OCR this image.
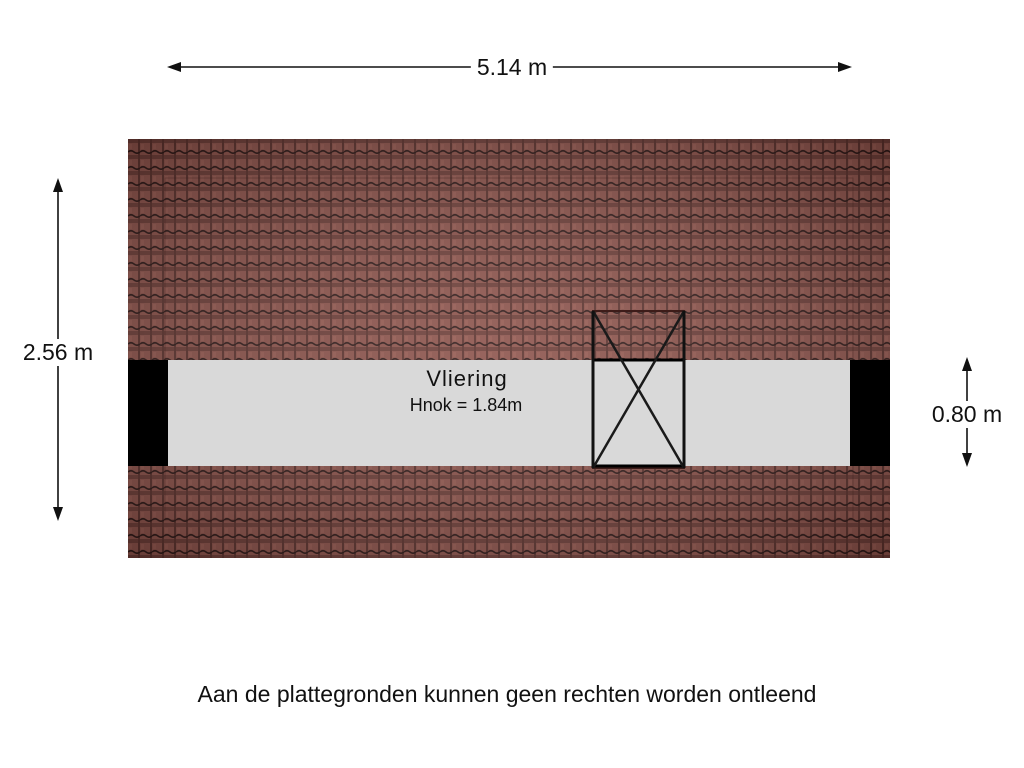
5.14 m
2.56 m
0.80 m
Vliering
Hnok = 1.84m
Aan de plattegronden kunnen geen rechten worden ontleend
